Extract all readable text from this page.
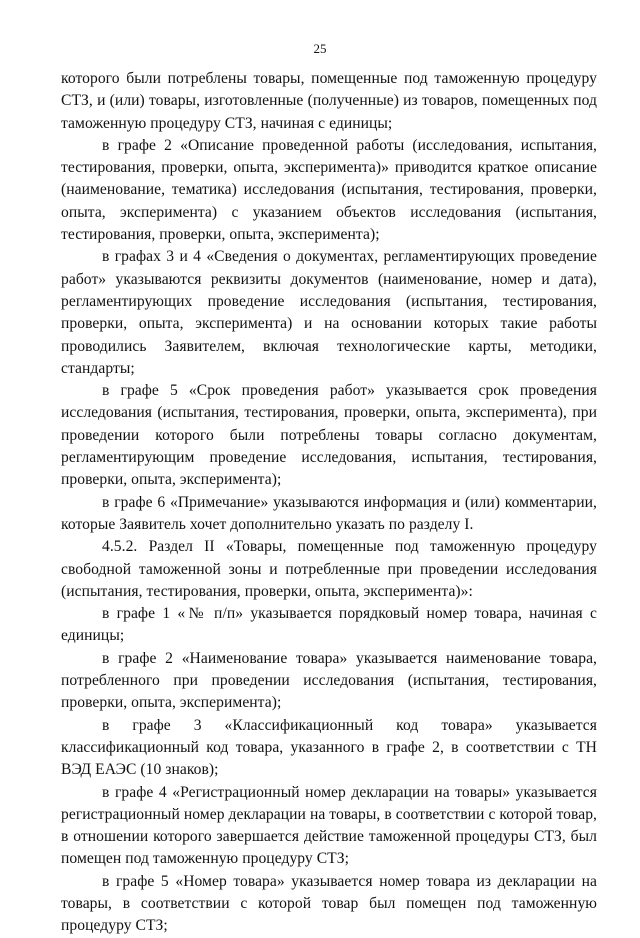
25

которого были потреблены товары, помещенные под таможенную процедуру СТЗ, и (или) товары, изготовленные (полученные) из товаров, помещенных под таможенную процедуру СТЗ, начиная с единицы;

в графе 2 «Описание проведенной работы (исследования, испытания, тестирования, проверки, опыта, эксперимента)» приводится краткое описание (наименование, тематика) исследования (испытания, тестирования, проверки, опыта, эксперимента) с указанием объектов исследования (испытания, тестирования, проверки, опыта, эксперимента);

в графах 3 и 4 «Сведения о документах, регламентирующих проведение работ» указываются реквизиты документов (наименование, номер и дата), регламентирующих проведение исследования (испытания, тестирования, проверки, опыта, эксперимента) и на основании которых такие работы проводились Заявителем, включая технологические карты, методики, стандарты;

в графе 5 «Срок проведения работ» указывается срок проведения исследования (испытания, тестирования, проверки, опыта, эксперимента), при проведении которого были потреблены товары согласно документам, регламентирующим проведение исследования, испытания, тестирования, проверки, опыта, эксперимента);

в графе 6 «Примечание» указываются информация и (или) комментарии, которые Заявитель хочет дополнительно указать по разделу I.

4.5.2. Раздел II «Товары, помещенные под таможенную процедуру свободной таможенной зоны и потребленные при проведении исследования (испытания, тестирования, проверки, опыта, эксперимента)»:

в графе 1 «№ п/п» указывается порядковый номер товара, начиная с единицы;

в графе 2 «Наименование товара» указывается наименование товара, потребленного при проведении исследования (испытания, тестирования, проверки, опыта, эксперимента);

в графе 3 «Классификационный код товара» указывается классификационный код товара, указанного в графе 2, в соответствии с ТН ВЭД ЕАЭС (10 знаков);

в графе 4 «Регистрационный номер декларации на товары» указывается регистрационный номер декларации на товары, в соответствии с которой товар, в отношении которого завершается действие таможенной процедуры СТЗ, был помещен под таможенную процедуру СТЗ;

в графе 5 «Номер товара» указывается номер товара из декларации на товары, в соответствии с которой товар был помещен под таможенную процедуру СТЗ;
